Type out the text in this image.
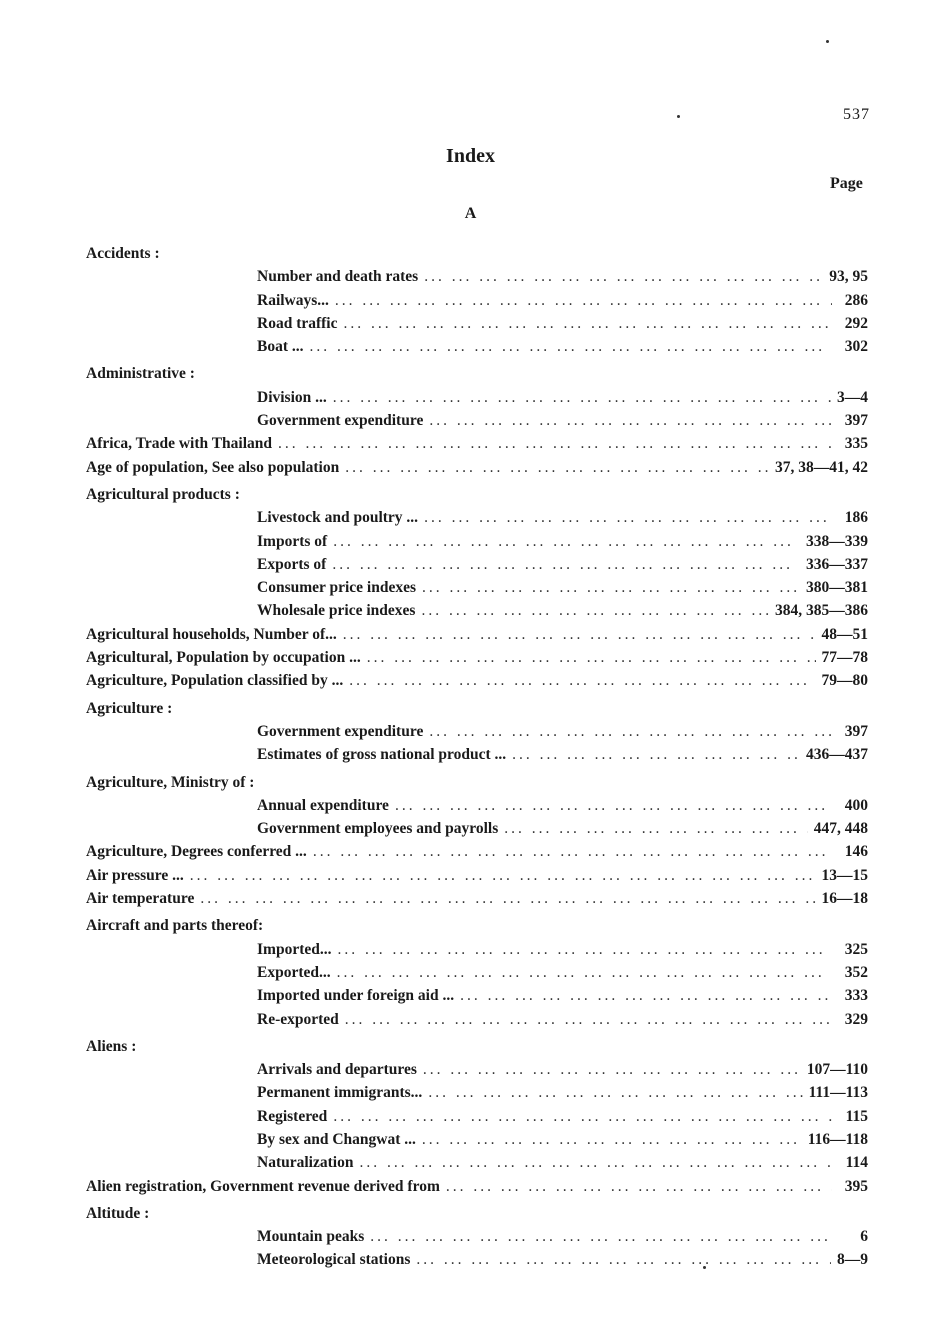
537
Index
Page
A
Accidents :
Number and death rates ... .	93, 95
Railways... ... .	286
Road traffic ... .	292
Boat ... ... .	302
Administrative :
Division ... ... .	3—4
Government expenditure ... .	397
Africa, Trade with Thailand ... .	335
Age of population, See also population ... .	37, 38—41, 42
Agricultural products :
Livestock and poultry ... ... .	186
Imports of ... .	338—339
Exports of ... .	336—337
Consumer price indexes ... .	380—381
Wholesale price indexes ... .	384, 385—386
Agricultural households, Number of... ... .	48—51
Agricultural, Population by occupation ... ... .	77—78
Agriculture, Population classified by ... ... .	79—80
Agriculture :
Government expenditure ... .	397
Estimates of gross national product ... ... .	436—437
Agriculture, Ministry of :
Annual expenditure ... .	400
Government employees and payrolls ... .	447, 448
Agriculture, Degrees conferred ... ... .	146
Air pressure ... ... .	13—15
Air temperature ... .	16—18
Aircraft and parts thereof:
Imported... ... .	325
Exported... ... .	352
Imported under foreign aid ... ... .	333
Re-exported ... .	329
Aliens :
Arrivals and departures ... .	107—110
Permanent immigrants... ... .	111—113
Registered ... .	115
By sex and Changwat ... ... .	116—118
Naturalization ... .	114
Alien registration, Government revenue derived from ... .	395
Altitude :
Mountain peaks ... .	6
Meteorological stations ... .	8—9
